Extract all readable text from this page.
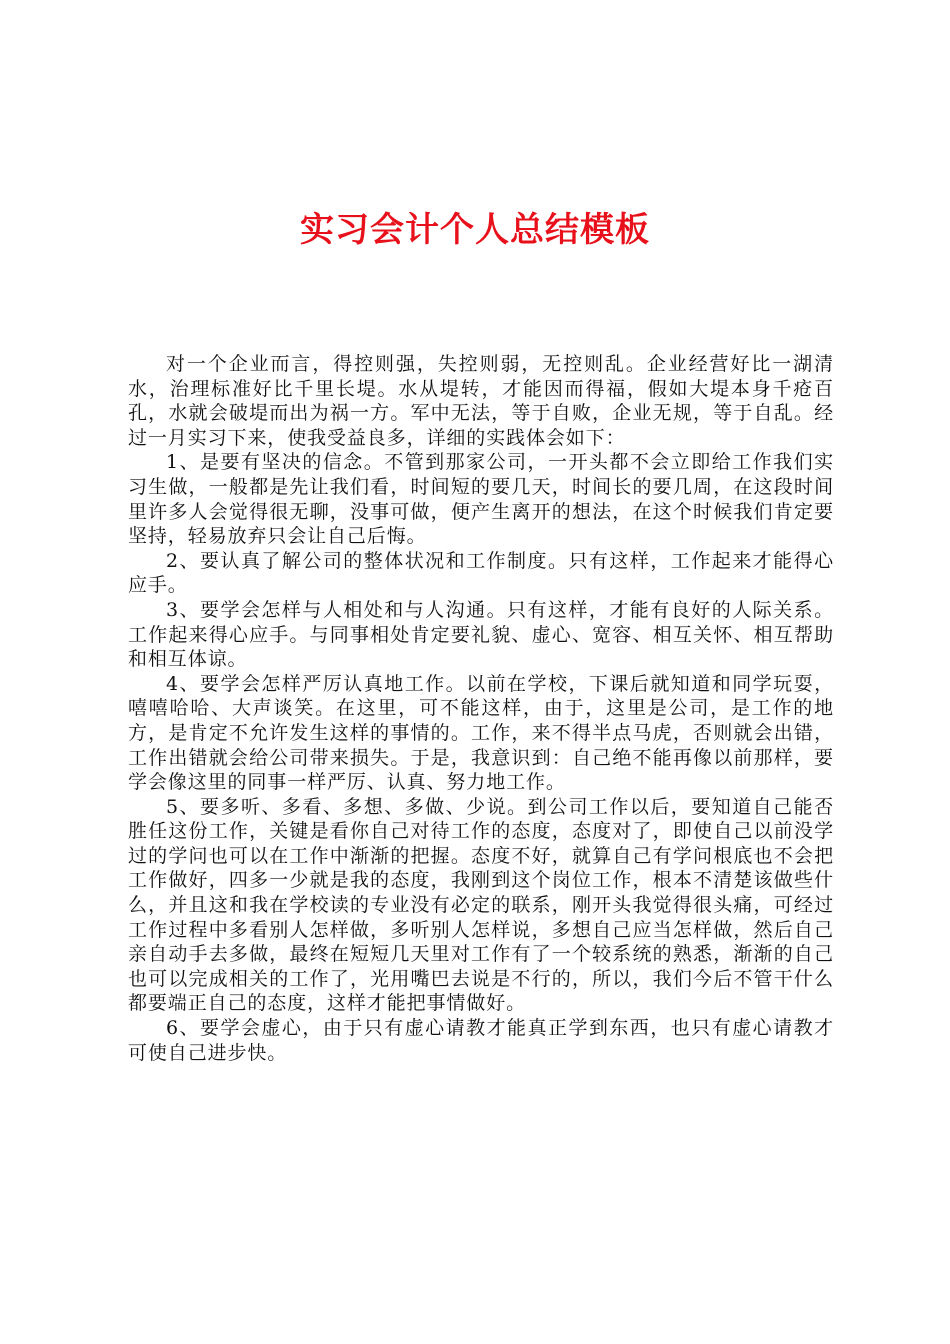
实习会计个人总结模板

对一个企业而言，得控则强，失控则弱，无控则乱。企业经营好比一湖清水，治理标准好比千里长堤。水从堤转，才能因而得福，假如大堤本身千疮百孔，水就会破堤而出为祸一方。军中无法，等于自败，企业无规，等于自乱。经过一月实习下来，使我受益良多，详细的实践体会如下：

1、是要有坚决的信念。不管到那家公司，一开头都不会立即给工作我们实习生做，一般都是先让我们看，时间短的要几天，时间长的要几周，在这段时间里许多人会觉得很无聊，没事可做，便产生离开的想法，在这个时候我们肯定要坚持，轻易放弃只会让自己后悔。

2、要认真了解公司的整体状况和工作制度。只有这样，工作起来才能得心应手。

3、要学会怎样与人相处和与人沟通。只有这样，才能有良好的人际关系。工作起来得心应手。与同事相处肯定要礼貌、虚心、宽容、相互关怀、相互帮助和相互体谅。

4、要学会怎样严厉认真地工作。以前在学校，下课后就知道和同学玩耍，嘻嘻哈哈、大声谈笑。在这里，可不能这样，由于，这里是公司，是工作的地方，是肯定不允许发生这样的事情的。工作，来不得半点马虎，否则就会出错，工作出错就会给公司带来损失。于是，我意识到：自己绝不能再像以前那样，要学会像这里的同事一样严厉、认真、努力地工作。

5、要多听、多看、多想、多做、少说。到公司工作以后，要知道自己能否胜任这份工作，关键是看你自己对待工作的态度，态度对了，即使自己以前没学过的学问也可以在工作中渐渐的把握。态度不好，就算自己有学问根底也不会把工作做好，四多一少就是我的态度，我刚到这个岗位工作，根本不清楚该做些什么，并且这和我在学校读的专业没有必定的联系，刚开头我觉得很头痛，可经过工作过程中多看别人怎样做，多听别人怎样说，多想自己应当怎样做，然后自己亲自动手去多做，最终在短短几天里对工作有了一个较系统的熟悉，渐渐的自己也可以完成相关的工作了，光用嘴巴去说是不行的，所以，我们今后不管干什么都要端正自己的态度，这样才能把事情做好。

6、要学会虚心，由于只有虚心请教才能真正学到东西，也只有虚心请教才可使自己进步快。
